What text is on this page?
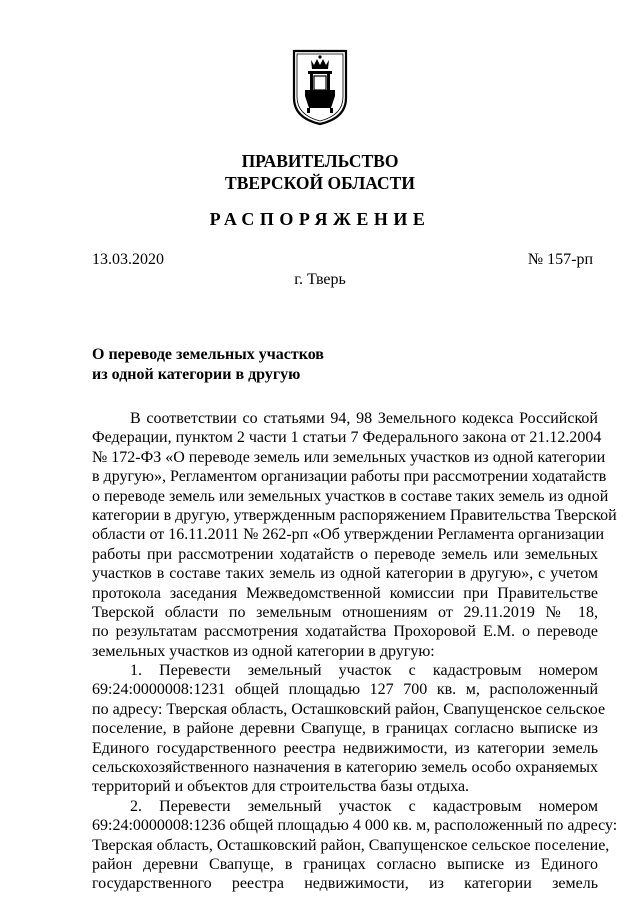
ПРАВИТЕЛЬСТВО
ТВЕРСКОЙ ОБЛАСТИ
РАСПОРЯЖЕНИЕ
13.03.2020	№ 157-рп
г. Тверь
О переводе земельных участков
из одной категории в другую
В соответствии со статьями 94, 98 Земельного кодекса Российской
Федерации, пунктом 2 части 1 статьи 7 Федерального закона от 21.12.2004
№ 172-ФЗ «О переводе земель или земельных участков из одной категории
в другую», Регламентом организации работы при рассмотрении ходатайств
о переводе земель или земельных участков в составе таких земель из одной
категории в другую, утвержденным распоряжением Правительства Тверской
области от 16.11.2011 № 262-рп «Об утверждении Регламента организации
работы при рассмотрении ходатайств о переводе земель или земельных
участков в составе таких земель из одной категории в другую», с учетом
протокола заседания Межведомственной комиссии при Правительстве
Тверской области по земельным отношениям от 29.11.2019 № 18,
по результатам рассмотрения ходатайства Прохоровой Е.М. о переводе
земельных участков из одной категории в другую:
1. Перевести земельный участок с кадастровым номером
69:24:0000008:1231 общей площадью 127 700 кв. м, расположенный
по адресу: Тверская область, Осташковский район, Свапущенское сельское
поселение, в районе деревни Свапуще, в границах согласно выписке из
Единого государственного реестра недвижимости, из категории земель
сельскохозяйственного назначения в категорию земель особо охраняемых
территорий и объектов для строительства базы отдыха.
2. Перевести земельный участок с кадастровым номером
69:24:0000008:1236 общей площадью 4 000 кв. м, расположенный по адресу:
Тверская область, Осташковский район, Свапущенское сельское поселение,
район деревни Свапуще, в границах согласно выписке из Единого
государственного реестра недвижимости, из категории земель
